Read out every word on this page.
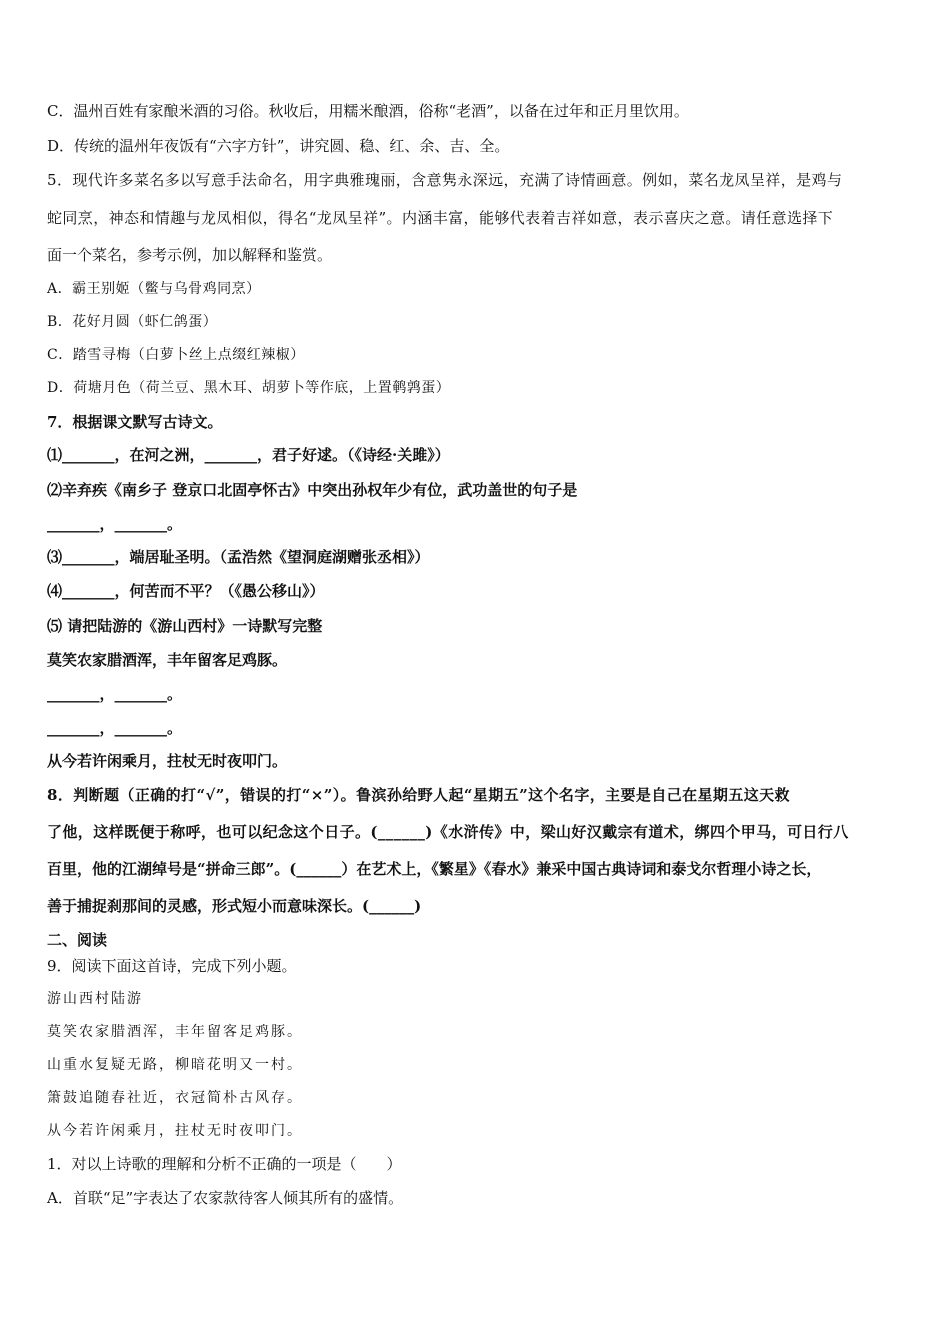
C．温州百姓有家酿米酒的习俗。秋收后，用糯米酿酒，俗称“老酒”，以备在过年和正月里饮用。
D．传统的温州年夜饭有“六字方针”，讲究圆、稳、红、余、吉、全。
5．现代许多菜名多以写意手法命名，用字典雅瑰丽，含意隽永深远，充满了诗情画意。例如，菜名龙凤呈祥，是鸡与
蛇同烹，神态和情趣与龙凤相似，得名“龙凤呈祥”。内涵丰富，能够代表着吉祥如意，表示喜庆之意。请任意选择下
面一个菜名，参考示例，加以解释和鉴赏。
A．霸王别姬（鳖与乌骨鸡同烹）
B．花好月圆（虾仁鸽蛋）
C．踏雪寻梅（白萝卜丝上点缀红辣椒）
D．荷塘月色（荷兰豆、黑木耳、胡萝卜等作底，上置鹌鹑蛋）
7．根据课文默写古诗文。
⑴_______，在河之洲，_______，君子好逑。（《诗经·关雎》）
⑵辛弃疾《南乡子 登京口北固亭怀古》中突出孙权年少有位，武功盖世的句子是
_______，_______。
⑶_______，端居耻圣明。（孟浩然《望洞庭湖赠张丞相》）
⑷_______，何苦而不平？（《愚公移山》）
⑸ 请把陆游的《游山西村》一诗默写完整
莫笑农家腊酒浑，丰年留客足鸡豚。
_______，_______。
_______，_______。
从今若许闲乘月，拄杖无时夜叩门。
8．判断题（正确的打“√”，错误的打“×”）。鲁滨孙给野人起“星期五”这个名字，主要是自己在星期五这天救
了他，这样既便于称呼，也可以纪念这个日子。(______)《水浒传》中，梁山好汉戴宗有道术，绑四个甲马，可日行八
百里，他的江湖绰号是“拼命三郎”。(______）在艺术上，《繁星》《春水》兼采中国古典诗词和泰戈尔哲理小诗之长，
善于捕捉刹那间的灵感，形式短小而意味深长。(______)
二、阅读
9．阅读下面这首诗，完成下列小题。
游山西村陆游
莫笑农家腊酒浑，丰年留客足鸡豚。
山重水复疑无路，柳暗花明又一村。
箫鼓追随春社近，衣冠简朴古风存。
从今若许闲乘月，拄杖无时夜叩门。
1．对以上诗歌的理解和分析不正确的一项是（　　）
A．首联“足”字表达了农家款待客人倾其所有的盛情。
